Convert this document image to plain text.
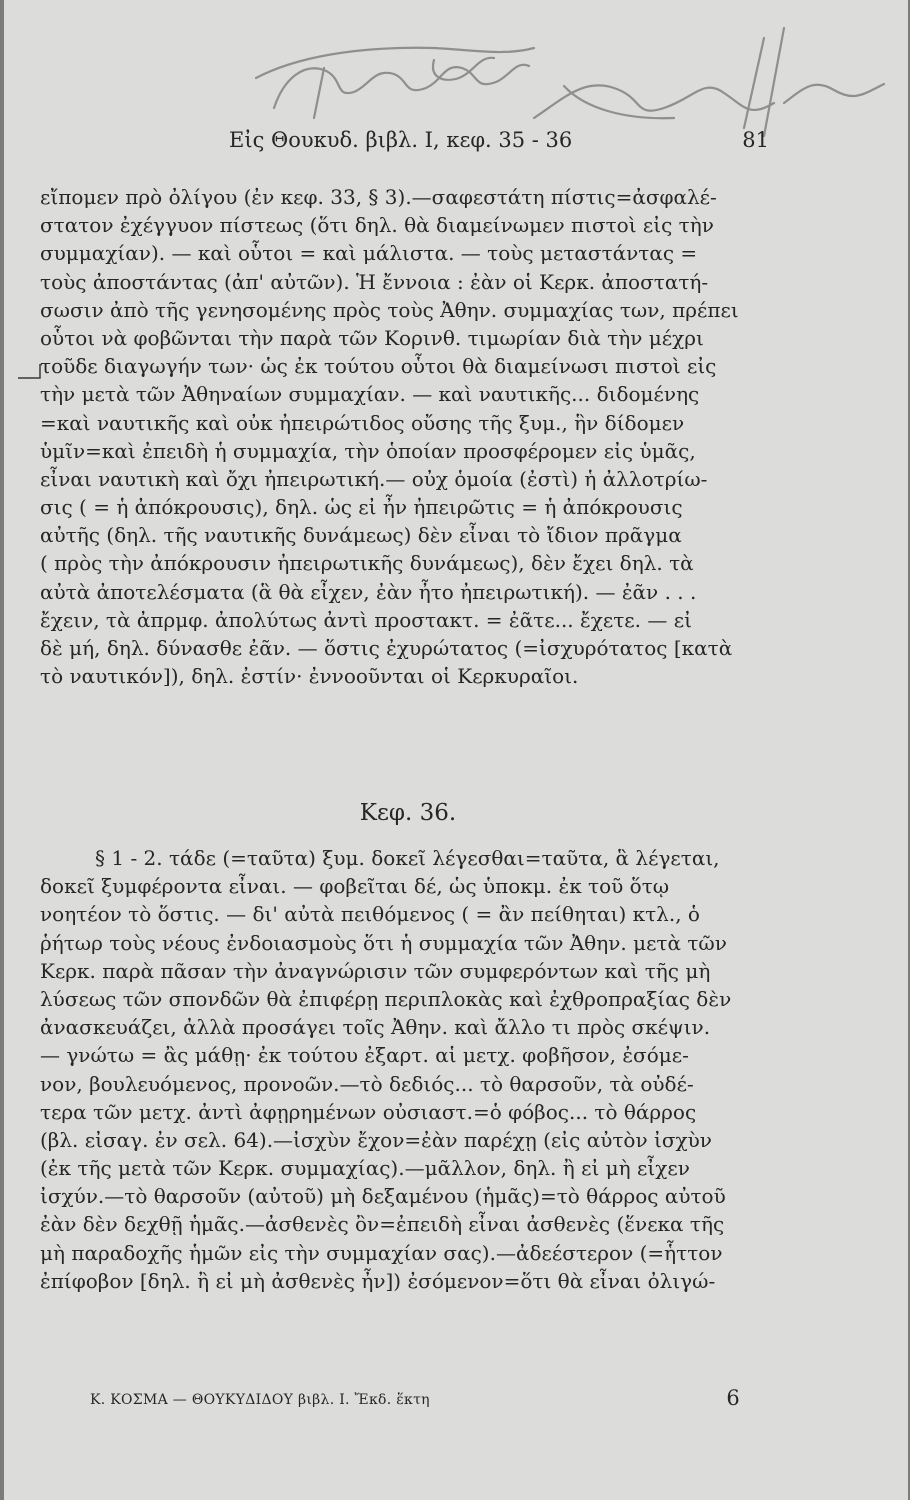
Εἰς Θουκυδ. βιβλ. Ι, κεφ. 35 - 36	81
εἴπομεν πρὸ ὀλίγου (ἐν κεφ. 33, § 3).—σαφεστάτη πίστις=ἀσφαλέ-
στατον ἐχέγγυον πίστεως (ὅτι δηλ. θὰ διαμείνωμεν πιστοὶ εἰς τὴν
συμμαχίαν). — καὶ οὗτοι = καὶ μάλιστα. — τοὺς μεταστάντας =
τοὺς ἀποστάντας (ἀπ' αὐτῶν). Ἡ ἔννοια : ἐὰν οἱ Κερκ. ἀποστατή-
σωσιν ἀπὸ τῆς γενησομένης πρὸς τοὺς Ἀθην. συμμαχίας των, πρέπει
οὗτοι νὰ φοβῶνται τὴν παρὰ τῶν Κορινθ. τιμωρίαν διὰ τὴν μέχρι
τοῦδε διαγωγήν των· ὡς ἐκ τούτου οὗτοι θὰ διαμείνωσι πιστοὶ εἰς
τὴν μετὰ τῶν Ἀθηναίων συμμαχίαν. — καὶ ναυτικῆς... διδομένης
=καὶ ναυτικῆς καὶ οὐκ ἠπειρώτιδος οὔσης τῆς ξυμ., ἣν δίδομεν
ὑμῖν=καὶ ἐπειδὴ ἡ συμμαχία, τὴν ὁποίαν προσφέρομεν εἰς ὑμᾶς,
εἶναι ναυτικὴ καὶ ὄχι ἠπειρωτική.— οὐχ ὁμοία (ἐστὶ) ἡ ἀλλοτρίω-
σις ( = ἡ ἀπόκρουσις), δηλ. ὡς εἰ ἦν ἠπειρῶτις = ἡ ἀπόκρουσις
αὐτῆς (δηλ. τῆς ναυτικῆς δυνάμεως) δὲν εἶναι τὸ ἴδιον πρᾶγμα
( πρὸς τὴν ἀπόκρουσιν ἠπειρωτικῆς δυνάμεως), δὲν ἔχει δηλ. τὰ
αὐτὰ ἀποτελέσματα (ἃ θὰ εἶχεν, ἐὰν ἦτο ἠπειρωτική). — ἐᾶν . . .
ἔχειν, τὰ ἀπρμφ. ἀπολύτως ἀντὶ προστακτ. = ἐᾶτε... ἔχετε. — εἰ
δὲ μή, δηλ. δύνασθε ἐᾶν. — ὅστις ἐχυρώτατος (=ἰσχυρότατος [κατὰ
τὸ ναυτικόν]), δηλ. ἐστίν· ἐννοοῦνται οἱ Κερκυραῖοι.
Κεφ. 36.
§ 1 - 2. τάδε (=ταῦτα) ξυμ. δοκεῖ λέγεσθαι=ταῦτα, ἃ λέγεται,
δοκεῖ ξυμφέροντα εἶναι. — φοβεῖται δέ, ὡς ὑποκμ. ἐκ τοῦ ὅτῳ
νοητέον τὸ ὅστις. — δι' αὐτὰ πειθόμενος ( = ἂν πείθηται) κτλ., ὁ
ῥήτωρ τοὺς νέους ἐνδοιασμοὺς ὅτι ἡ συμμαχία τῶν Ἀθην. μετὰ τῶν
Κερκ. παρὰ πᾶσαν τὴν ἀναγνώρισιν τῶν συμφερόντων καὶ τῆς μὴ
λύσεως τῶν σπονδῶν θὰ ἐπιφέρῃ περιπλοκὰς καὶ ἐχθροπραξίας δὲν
ἀνασκευάζει, ἀλλὰ προσάγει τοῖς Ἀθην. καὶ ἄλλο τι πρὸς σκέψιν.
— γνώτω = ἂς μάθῃ· ἐκ τούτου ἐξαρτ. αἱ μετχ. φοβῆσον, ἐσόμε-
νον, βουλευόμενος, προνοῶν.—τὸ δεδιός... τὸ θαρσοῦν, τὰ οὐδέ-
τερα τῶν μετχ. ἀντὶ ἀφῃρημένων οὐσιαστ.=ὁ φόβος... τὸ θάρρος
(βλ. εἰσαγ. ἐν σελ. 64).—ἰσχὺν ἔχον=ἐὰν παρέχῃ (εἰς αὐτὸν ἰσχὺν
(ἐκ τῆς μετὰ τῶν Κερκ. συμμαχίας).—μᾶλλον, δηλ. ἢ εἰ μὴ εἶχεν
ἰσχύν.—τὸ θαρσοῦν (αὐτοῦ) μὴ δεξαμένου (ἡμᾶς)=τὸ θάρρος αὐτοῦ
ἐὰν δὲν δεχθῇ ἡμᾶς.—ἀσθενὲς ὂν=ἐπειδὴ εἶναι ἀσθενὲς (ἕνεκα τῆς
μὴ παραδοχῆς ἡμῶν εἰς τὴν συμμαχίαν σας).—ἀδεέστερον (=ἧττον
ἐπίφοβον [δηλ. ἢ εἰ μὴ ἀσθενὲς ἦν]) ἐσόμενον=ὅτι θὰ εἶναι ὀλιγώ-
Κ. ΚΟΣΜΑ — ΘΟΥΚΥΔΙΔΟΥ βιβλ. Ι. Ἔκδ. ἕκτη	6
